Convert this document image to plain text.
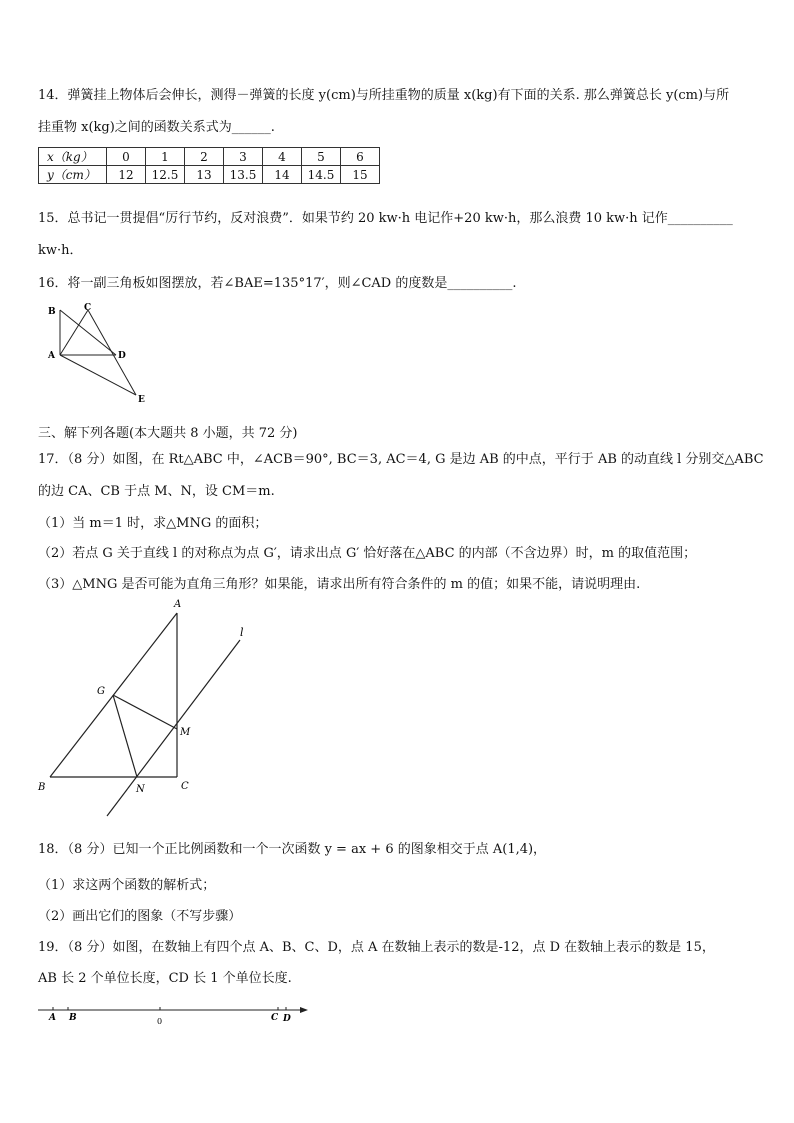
14．弹簧挂上物体后会伸长，测得－弹簧的长度 y(cm)与所挂重物的质量 x(kg)有下面的关系. 那么弹簧总长 y(cm)与所
挂重物 x(kg)之间的函数关系式为______.
x（kg）	0	1	2	3	4	5	6
y（cm）	12	12.5	13	13.5	14	14.5	15
15．总书记一贯提倡“厉行节约，反对浪费”．如果节约 20 kw·h 电记作+20 kw·h，那么浪费 10 kw·h 记作__________
kw·h．
16．将一副三角板如图摆放，若∠BAE=135°17′，则∠CAD 的度数是__________.
B	C
A	D
E
三、解下列各题(本大题共 8 小题，共 72 分)
17．（8 分）如图，在 Rt△ABC 中，∠ACB＝90°, BC＝3, AC＝4, G 是边 AB 的中点，平行于 AB 的动直线 l 分别交△ABC
的边 CA、CB 于点 M、N，设 CM＝m.
（1）当 m＝1 时，求△MNG 的面积；
（2）若点 G 关于直线 l 的对称点为点 G′，请求出点 G′ 恰好落在△ABC 的内部（不含边界）时，m 的取值范围；
（3）△MNG 是否可能为直角三角形？如果能，请求出所有符合条件的 m 的值；如果不能，请说明理由.
A
l
G
M
B	N	C
18．（8 分）已知一个正比例函数和一个一次函数 y = ax + 6 的图象相交于点 A(1,4)，
（1）求这两个函数的解析式；
（2）画出它们的图象（不写步骤）
19．（8 分）如图，在数轴上有四个点 A、B、C、D，点 A 在数轴上表示的数是-12，点 D 在数轴上表示的数是 15，
AB 长 2 个单位长度，CD 长 1 个单位长度.
A B	0	C D
